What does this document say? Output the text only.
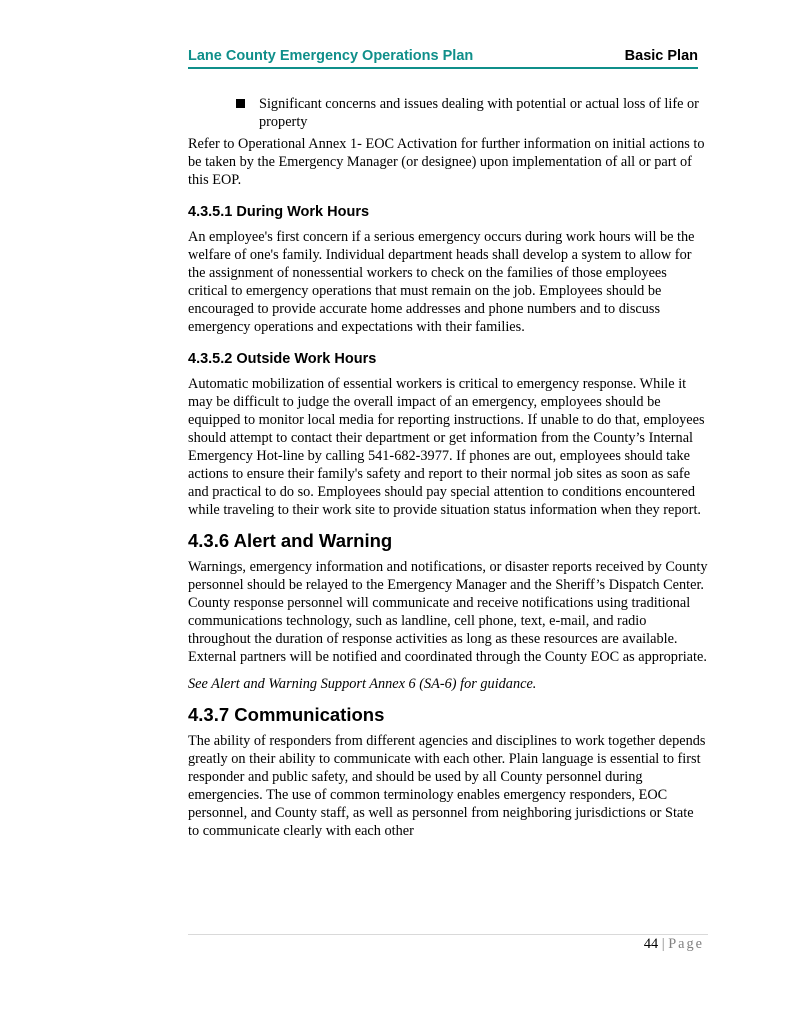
Lane County Emergency Operations Plan	Basic Plan
Significant concerns and issues dealing with potential or actual loss of life or property

Refer to Operational Annex 1- EOC Activation for further information on initial actions to be taken by the Emergency Manager (or designee) upon implementation of all or part of this EOP.

4.3.5.1 During Work Hours

An employee's first concern if a serious emergency occurs during work hours will be the welfare of one's family. Individual department heads shall develop a system to allow for the assignment of nonessential workers to check on the families of those employees critical to emergency operations that must remain on the job. Employees should be encouraged to provide accurate home addresses and phone numbers and to discuss emergency operations and expectations with their families.

4.3.5.2 Outside Work Hours

Automatic mobilization of essential workers is critical to emergency response. While it may be difficult to judge the overall impact of an emergency, employees should be equipped to monitor local media for reporting instructions. If unable to do that, employees should attempt to contact their department or get information from the County’s Internal Emergency Hot-line by calling 541-682-3977. If phones are out, employees should take actions to ensure their family's safety and report to their normal job sites as soon as safe and practical to do so. Employees should pay special attention to conditions encountered while traveling to their work site to provide situation status information when they report.

4.3.6 Alert and Warning

Warnings, emergency information and notifications, or disaster reports received by County personnel should be relayed to the Emergency Manager and the Sheriff’s Dispatch Center. County response personnel will communicate and receive notifications using traditional communications technology, such as landline, cell phone, text, e-mail, and radio throughout the duration of response activities as long as these resources are available. External partners will be notified and coordinated through the County EOC as appropriate.

See Alert and Warning Support Annex 6 (SA-6) for guidance.

4.3.7 Communications

The ability of responders from different agencies and disciplines to work together depends greatly on their ability to communicate with each other. Plain language is essential to first responder and public safety, and should be used by all County personnel during emergencies. The use of common terminology enables emergency responders, EOC personnel, and County staff, as well as personnel from neighboring jurisdictions or State to communicate clearly with each other

44 | Page
